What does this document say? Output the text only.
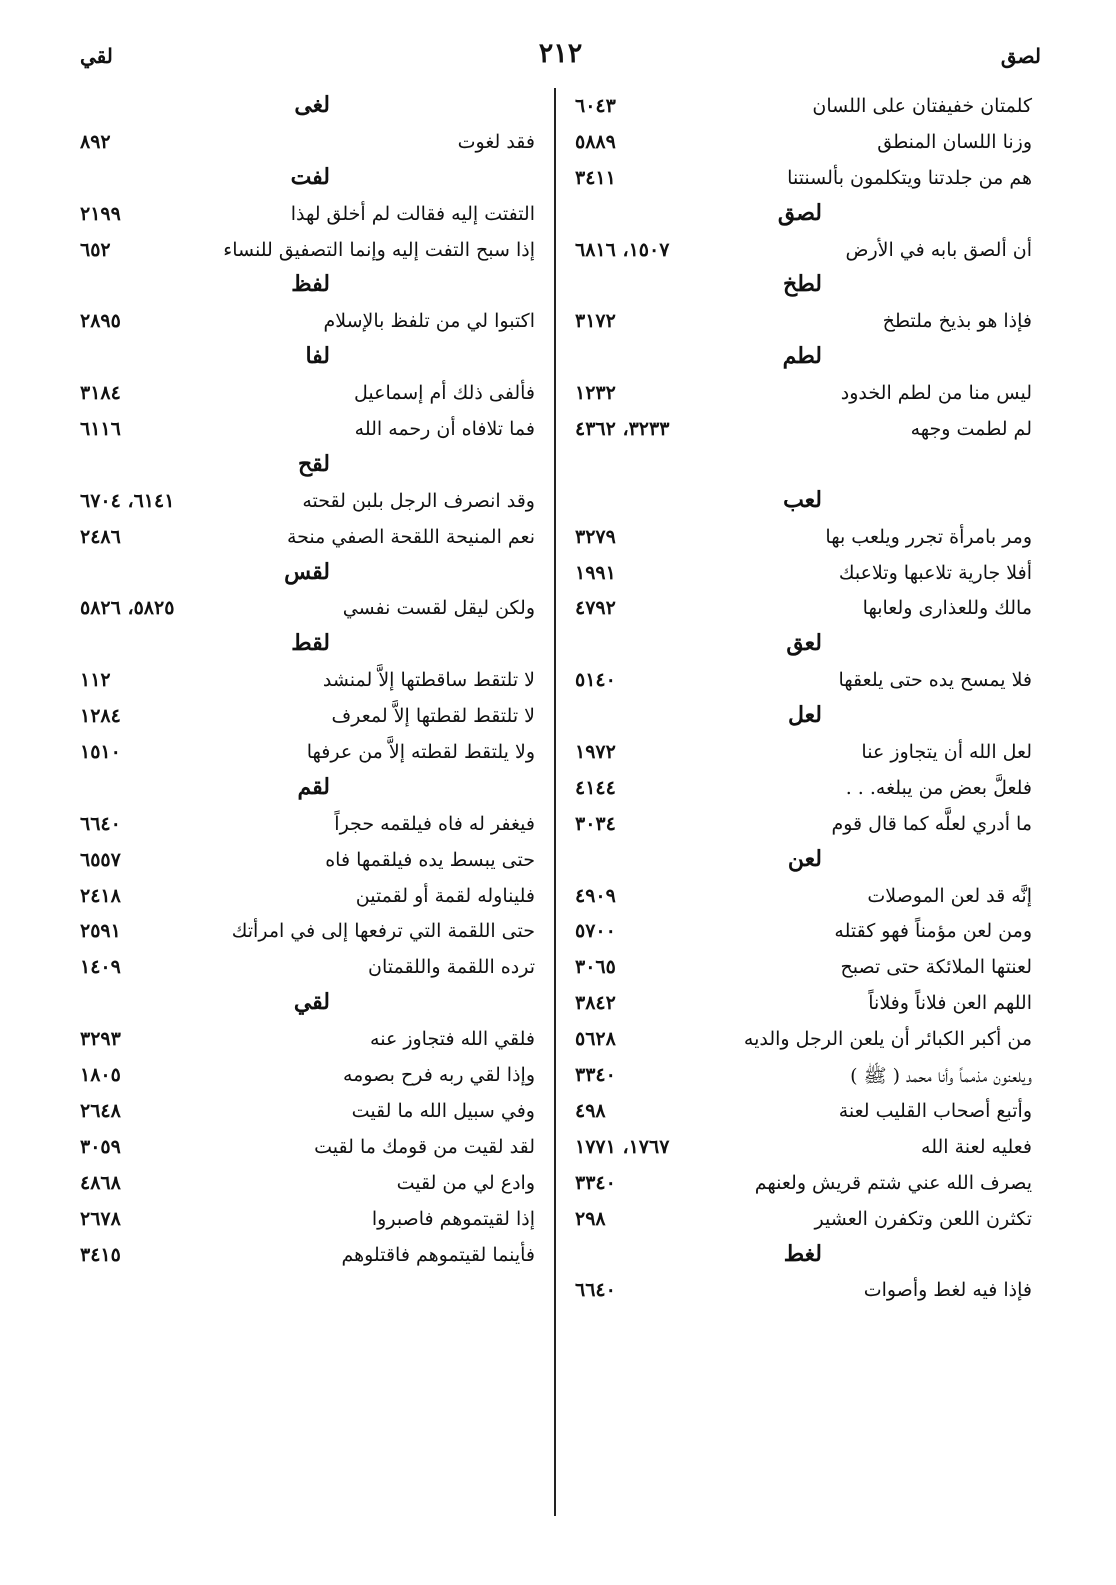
لصق
٢١٢
لقي
كلمتان خفيفتان على اللسان
٦٠٤٣
وزنا اللسان المنطق
٥٨٨٩
هم من جلدتنا ويتكلمون بألسنتنا
٣٤١١
لصق
أن ألصق بابه في الأرض
١٥٠٧، ٦٨١٦
لطخ
فإذا هو بذيخ ملتطخ
٣١٧٢
لطم
ليس منا من لطم الخدود
١٢٣٢
لم لطمت وجهه
٣٢٣٣، ٤٣٦٢
لعب
ومر بامرأة تجرر ويلعب بها
٣٢٧٩
أفلا جارية تلاعبها وتلاعبك
١٩٩١
مالك وللعذارى ولعابها
٤٧٩٢
لعق
فلا يمسح يده حتى يلعقها
٥١٤٠
لعل
لعل الله أن يتجاوز عنا
١٩٧٢
فلعلَّ بعض من يبلغه. . .
٤١٤٤
ما أدري لعلَّه كما قال قوم
٣٠٣٤
لعن
إنَّه قد لعن الموصلات
٤٩٠٩
ومن لعن مؤمناً فهو كقتله
٥٧٠٠
لعنتها الملائكة حتى تصبح
٣٠٦٥
اللهم العن فلاناً وفلاناً
٣٨٤٢
من أكبر الكبائر أن يلعن الرجل والديه
٥٦٢٨
ويلعنون مذمماً وأنا محمد ( ﷺ )
٣٣٤٠
وأتبع أصحاب القليب لعنة
٤٩٨
فعليه لعنة الله
١٧٦٧، ١٧٧١
يصرف الله عني شتم قريش ولعنهم
٣٣٤٠
تكثرن اللعن وتكفرن العشير
٢٩٨
لغط
فإذا فيه لغط وأصوات
٦٦٤٠
لغى
فقد لغوت
٨٩٢
لفت
التفتت إليه فقالت لم أخلق لهذا
٢١٩٩
إذا سبح التفت إليه وإنما التصفيق للنساء
٦٥٢
لفظ
اكتبوا لي من تلفظ بالإسلام
٢٨٩٥
لفا
فألفى ذلك أم إسماعيل
٣١٨٤
فما تلافاه أن رحمه الله
٦١١٦
لقح
وقد انصرف الرجل بلبن لقحته
٦١٤١، ٦٧٠٤
نعم المنيحة اللقحة الصفي منحة
٢٤٨٦
لقس
ولكن ليقل لقست نفسي
٥٨٢٥، ٥٨٢٦
لقط
لا تلتقط ساقطتها إلاَّ لمنشد
١١٢
لا تلتقط لقطتها إلاَّ لمعرف
١٢٨٤
ولا يلتقط لقطته إلاَّ من عرفها
١٥١٠
لقم
فيغفر له فاه فيلقمه حجراً
٦٦٤٠
حتى يبسط يده فيلقمها فاه
٦٥٥٧
فليناوله لقمة أو لقمتين
٢٤١٨
حتى اللقمة التي ترفعها إلى في امرأتك
٢٥٩١
ترده اللقمة واللقمتان
١٤٠٩
لقي
فلقي الله فتجاوز عنه
٣٢٩٣
وإذا لقي ربه فرح بصومه
١٨٠٥
وفي سبيل الله ما لقيت
٢٦٤٨
لقد لقيت من قومك ما لقيت
٣٠٥٩
وادع لي من لقيت
٤٨٦٨
إذا لقيتموهم فاصبروا
٢٦٧٨
فأينما لقيتموهم فاقتلوهم
٣٤١٥
